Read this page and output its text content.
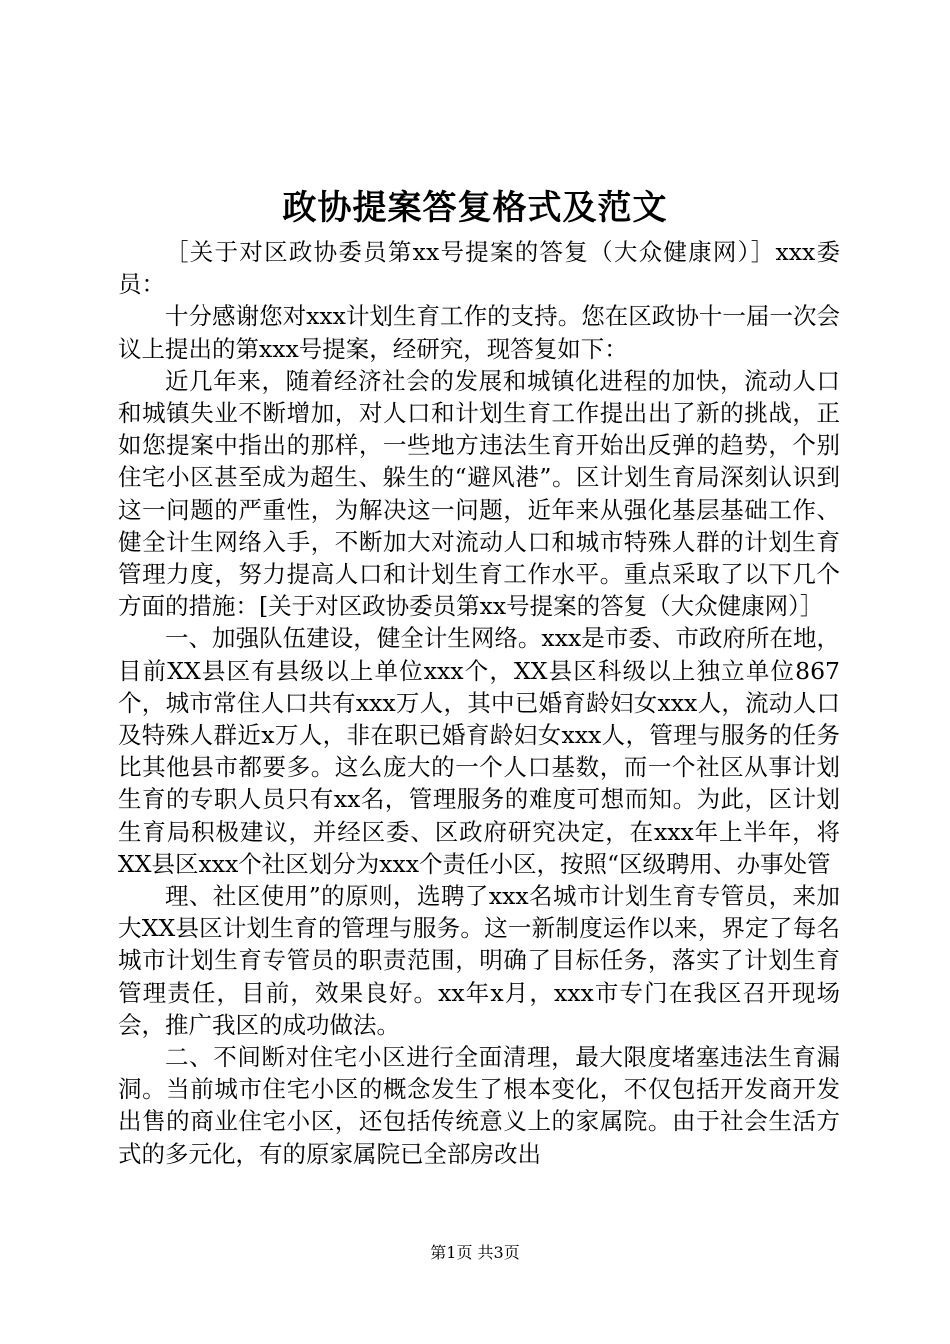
政协提案答复格式及范文

［关于对区政协委员第xx号提案的答复（大众健康网）］xxx委员：

十分感谢您对xxx计划生育工作的支持。您在区政协十一届一次会议上提出的第xxx号提案，经研究，现答复如下：

近几年来，随着经济社会的发展和城镇化进程的加快，流动人口和城镇失业不断增加，对人口和计划生育工作提出出了新的挑战，正如您提案中指出的那样，一些地方违法生育开始出反弹的趋势，个别住宅小区甚至成为超生、躲生的“避风港”。区计划生育局深刻认识到这一问题的严重性，为解决这一问题，近年来从强化基层基础工作、健全计生网络入手，不断加大对流动人口和城市特殊人群的计划生育管理力度，努力提高人口和计划生育工作水平。重点采取了以下几个方面的措施：[关于对区政协委员第xx号提案的答复（大众健康网）］

一、加强队伍建设，健全计生网络。xxx是市委、市政府所在地，目前XX县区有县级以上单位xxx个，XX县区科级以上独立单位867个，城市常住人口共有xxx万人，其中已婚育龄妇女xxx人，流动人口及特殊人群近x万人，非在职已婚育龄妇女xxx人，管理与服务的任务比其他县市都要多。这么庞大的一个人口基数，而一个社区从事计划生育的专职人员只有xx名，管理服务的难度可想而知。为此，区计划生育局积极建议，并经区委、区政府研究决定，在xxx年上半年，将XX县区xxx个社区划分为xxx个责任小区，按照“区级聘用、办事处管

理、社区使用”的原则，选聘了xxx名城市计划生育专管员，来加大XX县区计划生育的管理与服务。这一新制度运作以来，界定了每名城市计划生育专管员的职责范围，明确了目标任务，落实了计划生育管理责任，目前，效果良好。xx年x月，xxx市专门在我区召开现场会，推广我区的成功做法。

二、不间断对住宅小区进行全面清理，最大限度堵塞违法生育漏洞。当前城市住宅小区的概念发生了根本变化，不仅包括开发商开发出售的商业住宅小区，还包括传统意义上的家属院。由于社会生活方式的多元化，有的原家属院已全部房改出

第1页 共3页
